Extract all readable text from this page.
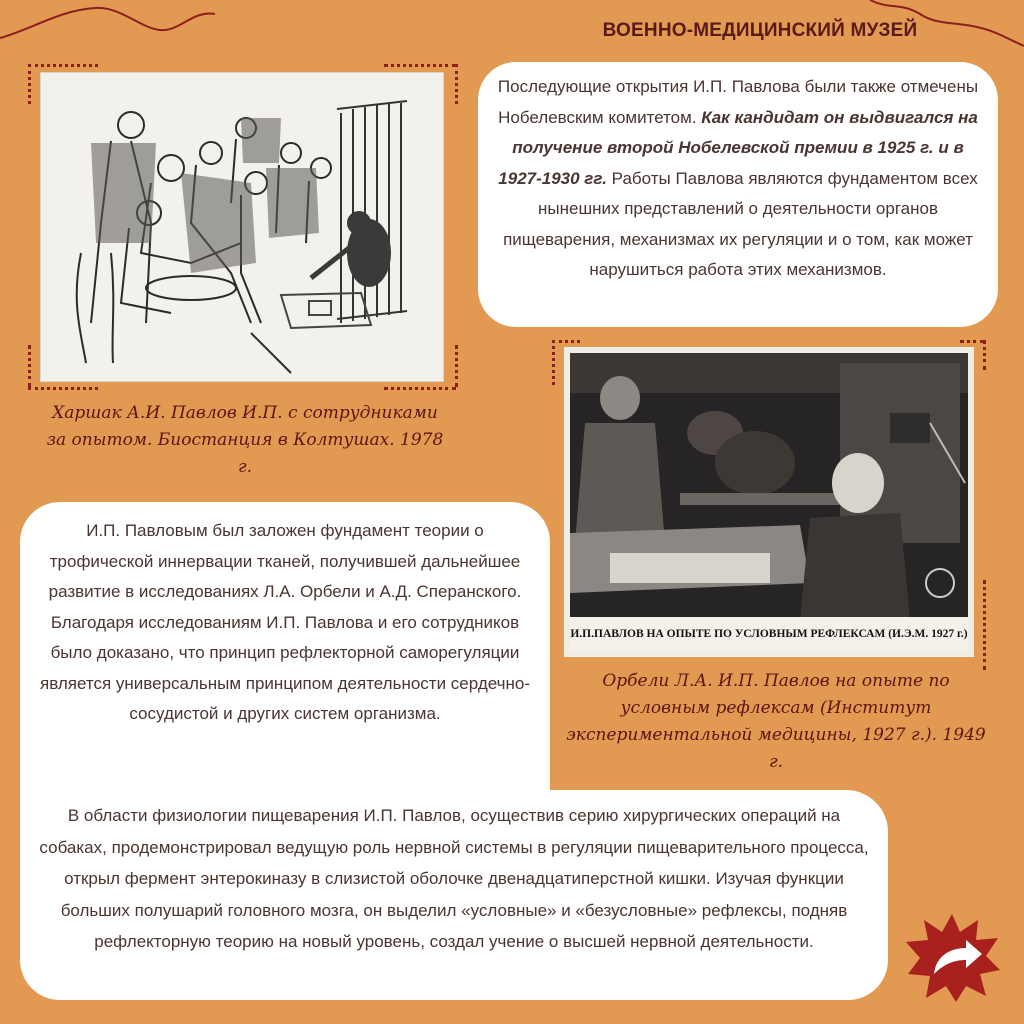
ВОЕННО-МЕДИЦИНСКИЙ МУЗЕЙ

Последующие открытия И.П. Павлова были также отмечены Нобелевским комитетом. Как кандидат он выдвигался на получение второй Нобелевской премии в 1925 г. и в 1927-1930 гг. Работы Павлова являются фундаментом всех нынешних представлений о деятельности органов пищеварения, механизмах их регуляции и о том, как может нарушиться работа этих механизмов.

Харшак А.И. Павлов И.П. с сотрудниками за опытом. Биостанция в Колтушах. 1978 г.
И.П.ПАВЛОВ НА ОПЫТЕ ПО УСЛОВНЫМ РЕФЛЕКСАМ (И.Э.М. 1927 г.)
Орбели Л.А. И.П. Павлов на опыте по условным рефлексам (Институт экспериментальной медицины, 1927 г.). 1949 г.

И.П. Павловым был заложен фундамент теории о трофической иннервации тканей, получившей дальнейшее развитие в исследованиях Л.А. Орбели и А.Д. Сперанского. Благодаря исследованиям И.П. Павлова и его сотрудников было доказано, что принцип рефлекторной саморегуляции является универсальным принципом деятельности сердечно-сосудистой и других систем организма.

В области физиологии пищеварения И.П. Павлов, осуществив серию хирургических операций на собаках, продемонстрировал ведущую роль нервной системы в регуляции пищеварительного процесса, открыл фермент энтерокиназу в слизистой оболочке двенадцатиперстной кишки. Изучая функции больших полушарий головного мозга, он выделил «условные» и «безусловные» рефлексы, подняв рефлекторную теорию на новый уровень, создал учение о высшей нервной деятельности.
